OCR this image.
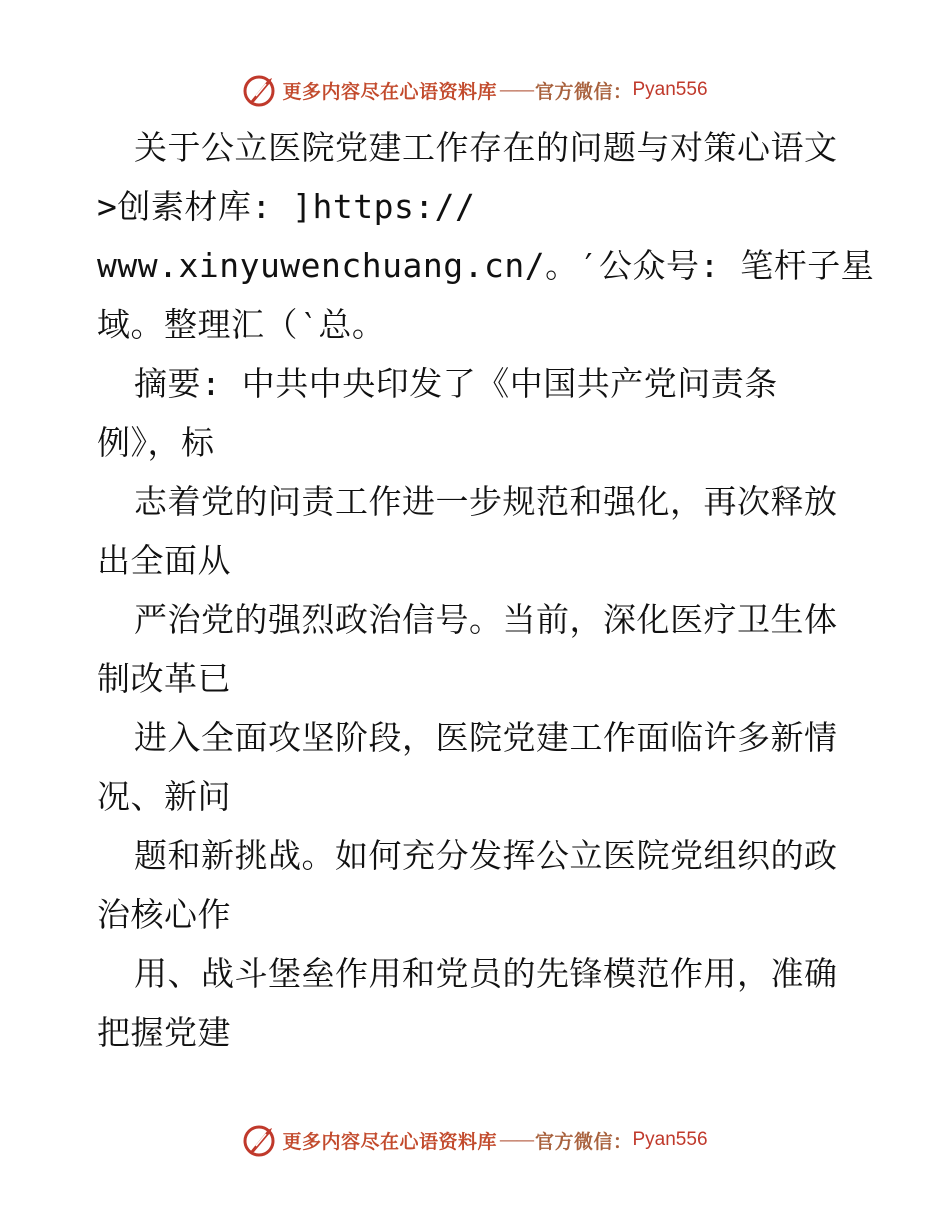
更多内容尽在心语资料库 —— 官方微信： Pyan556
关于公立医院党建工作存在的问题与对策心语文
>创素材库: ]https://
www.xinyuwenchuang.cn/。′公众号: 笔杆子星
域。整理汇（‵总。
摘要: 中共中央印发了《中国共产党问责条
例》，标
志着党的问责工作进一步规范和强化，再次释放
出全面从
严治党的强烈政治信号。当前，深化医疗卫生体
制改革已
进入全面攻坚阶段，医院党建工作面临许多新情
况、新问
题和新挑战。如何充分发挥公立医院党组织的政
治核心作
用、战斗堡垒作用和党员的先锋模范作用，准确
把握党建
更多内容尽在心语资料库 —— 官方微信： Pyan556
